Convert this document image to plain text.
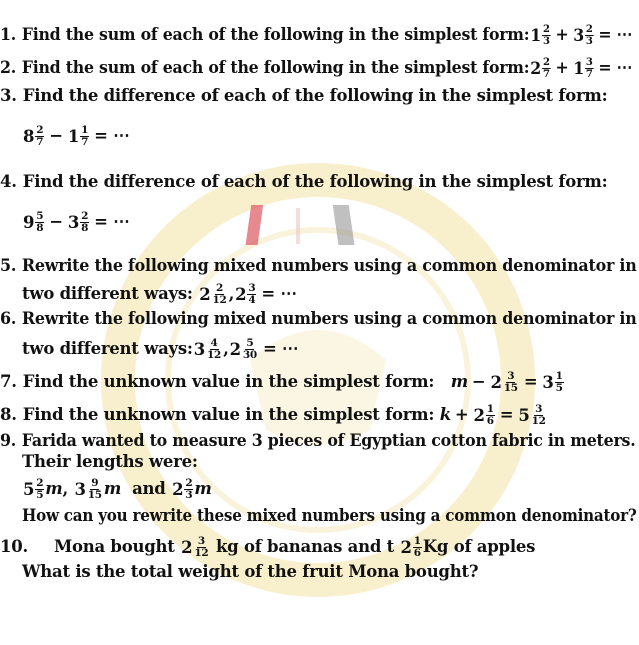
1. Find the sum of each of the following in the simplest form: 1 2
3 + 3 2
3 = ⋯
2. Find the sum of each of the following in the simplest form: 2 2
7 + 1 3
7 = ⋯
3. Find the difference of each of the following in the simplest form:
8 2
7 − 1 1
7 = ⋯
4. Find the difference of each of the following in the simplest form:
9 5
8 − 3 2
8 = ⋯
5. Rewrite the following mixed numbers using a common denominator in
two different ways: 2 2
12 , 2 3
4 = ⋯
6. Rewrite the following mixed numbers using a common denominator in
two different ways: 3 4
12 , 2 5
30 = ⋯
7. Find the unknown value in the simplest form: m − 2 3
15 = 3 1
5
8. Find the unknown value in the simplest form: k + 2 1
6 = 5 3
12
9. Farida wanted to measure 3 pieces of Egyptian cotton fabric in meters.
Their lengths were:
5 2
5 m, 3 9
15 m and 2 2
3 m
How can you rewrite these mixed numbers using a common denominator?
10. Mona bought 2 3
12 kg of bananas and t 2 1
6 Kg of apples
What is the total weight of the fruit Mona bought?
